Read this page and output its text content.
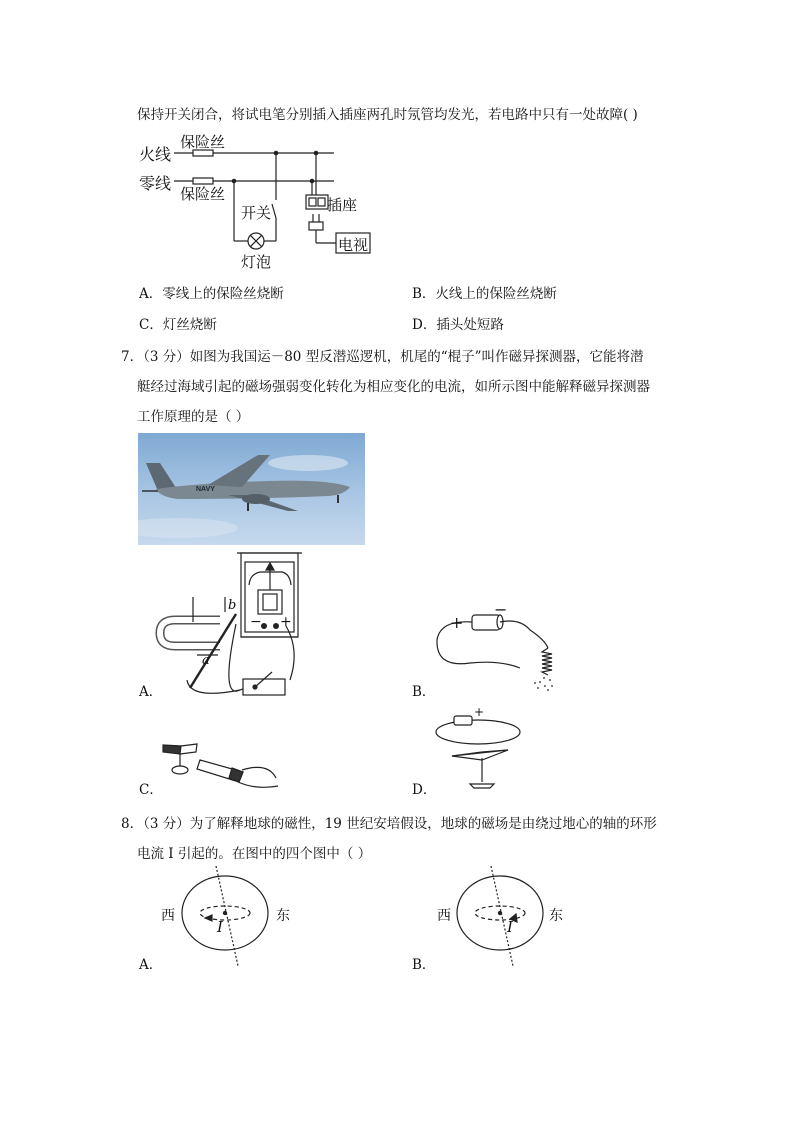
保持开关闭合，将试电笔分别插入插座两孔时氖管均发光，若电路中只有一处故障( )
火线
零线
保险丝
保险丝
开关	插座
灯泡
电视
A．零线上的保险丝烧断	B．火线上的保险丝烧断
C．灯丝烧断	D．插头处短路
7．（3 分）如图为我国运－80 型反潜巡逻机，机尾的“棍子”叫作磁异探测器，它能将潜
艇经过海域引起的磁场强弱变化转化为相应变化的电流，如所示图中能解释磁异探测器
工作原理的是（ ）
NAVY
a
b
− +	+
−
A．	B．
+
C．	D．
8．（3 分）为了解释地球的磁性，19 世纪安培假设，地球的磁场是由绕过地心的轴的环形
电流 I 引起的。在图中的四个图中（ ）
西	东
I
A．
西	东
I
B．
